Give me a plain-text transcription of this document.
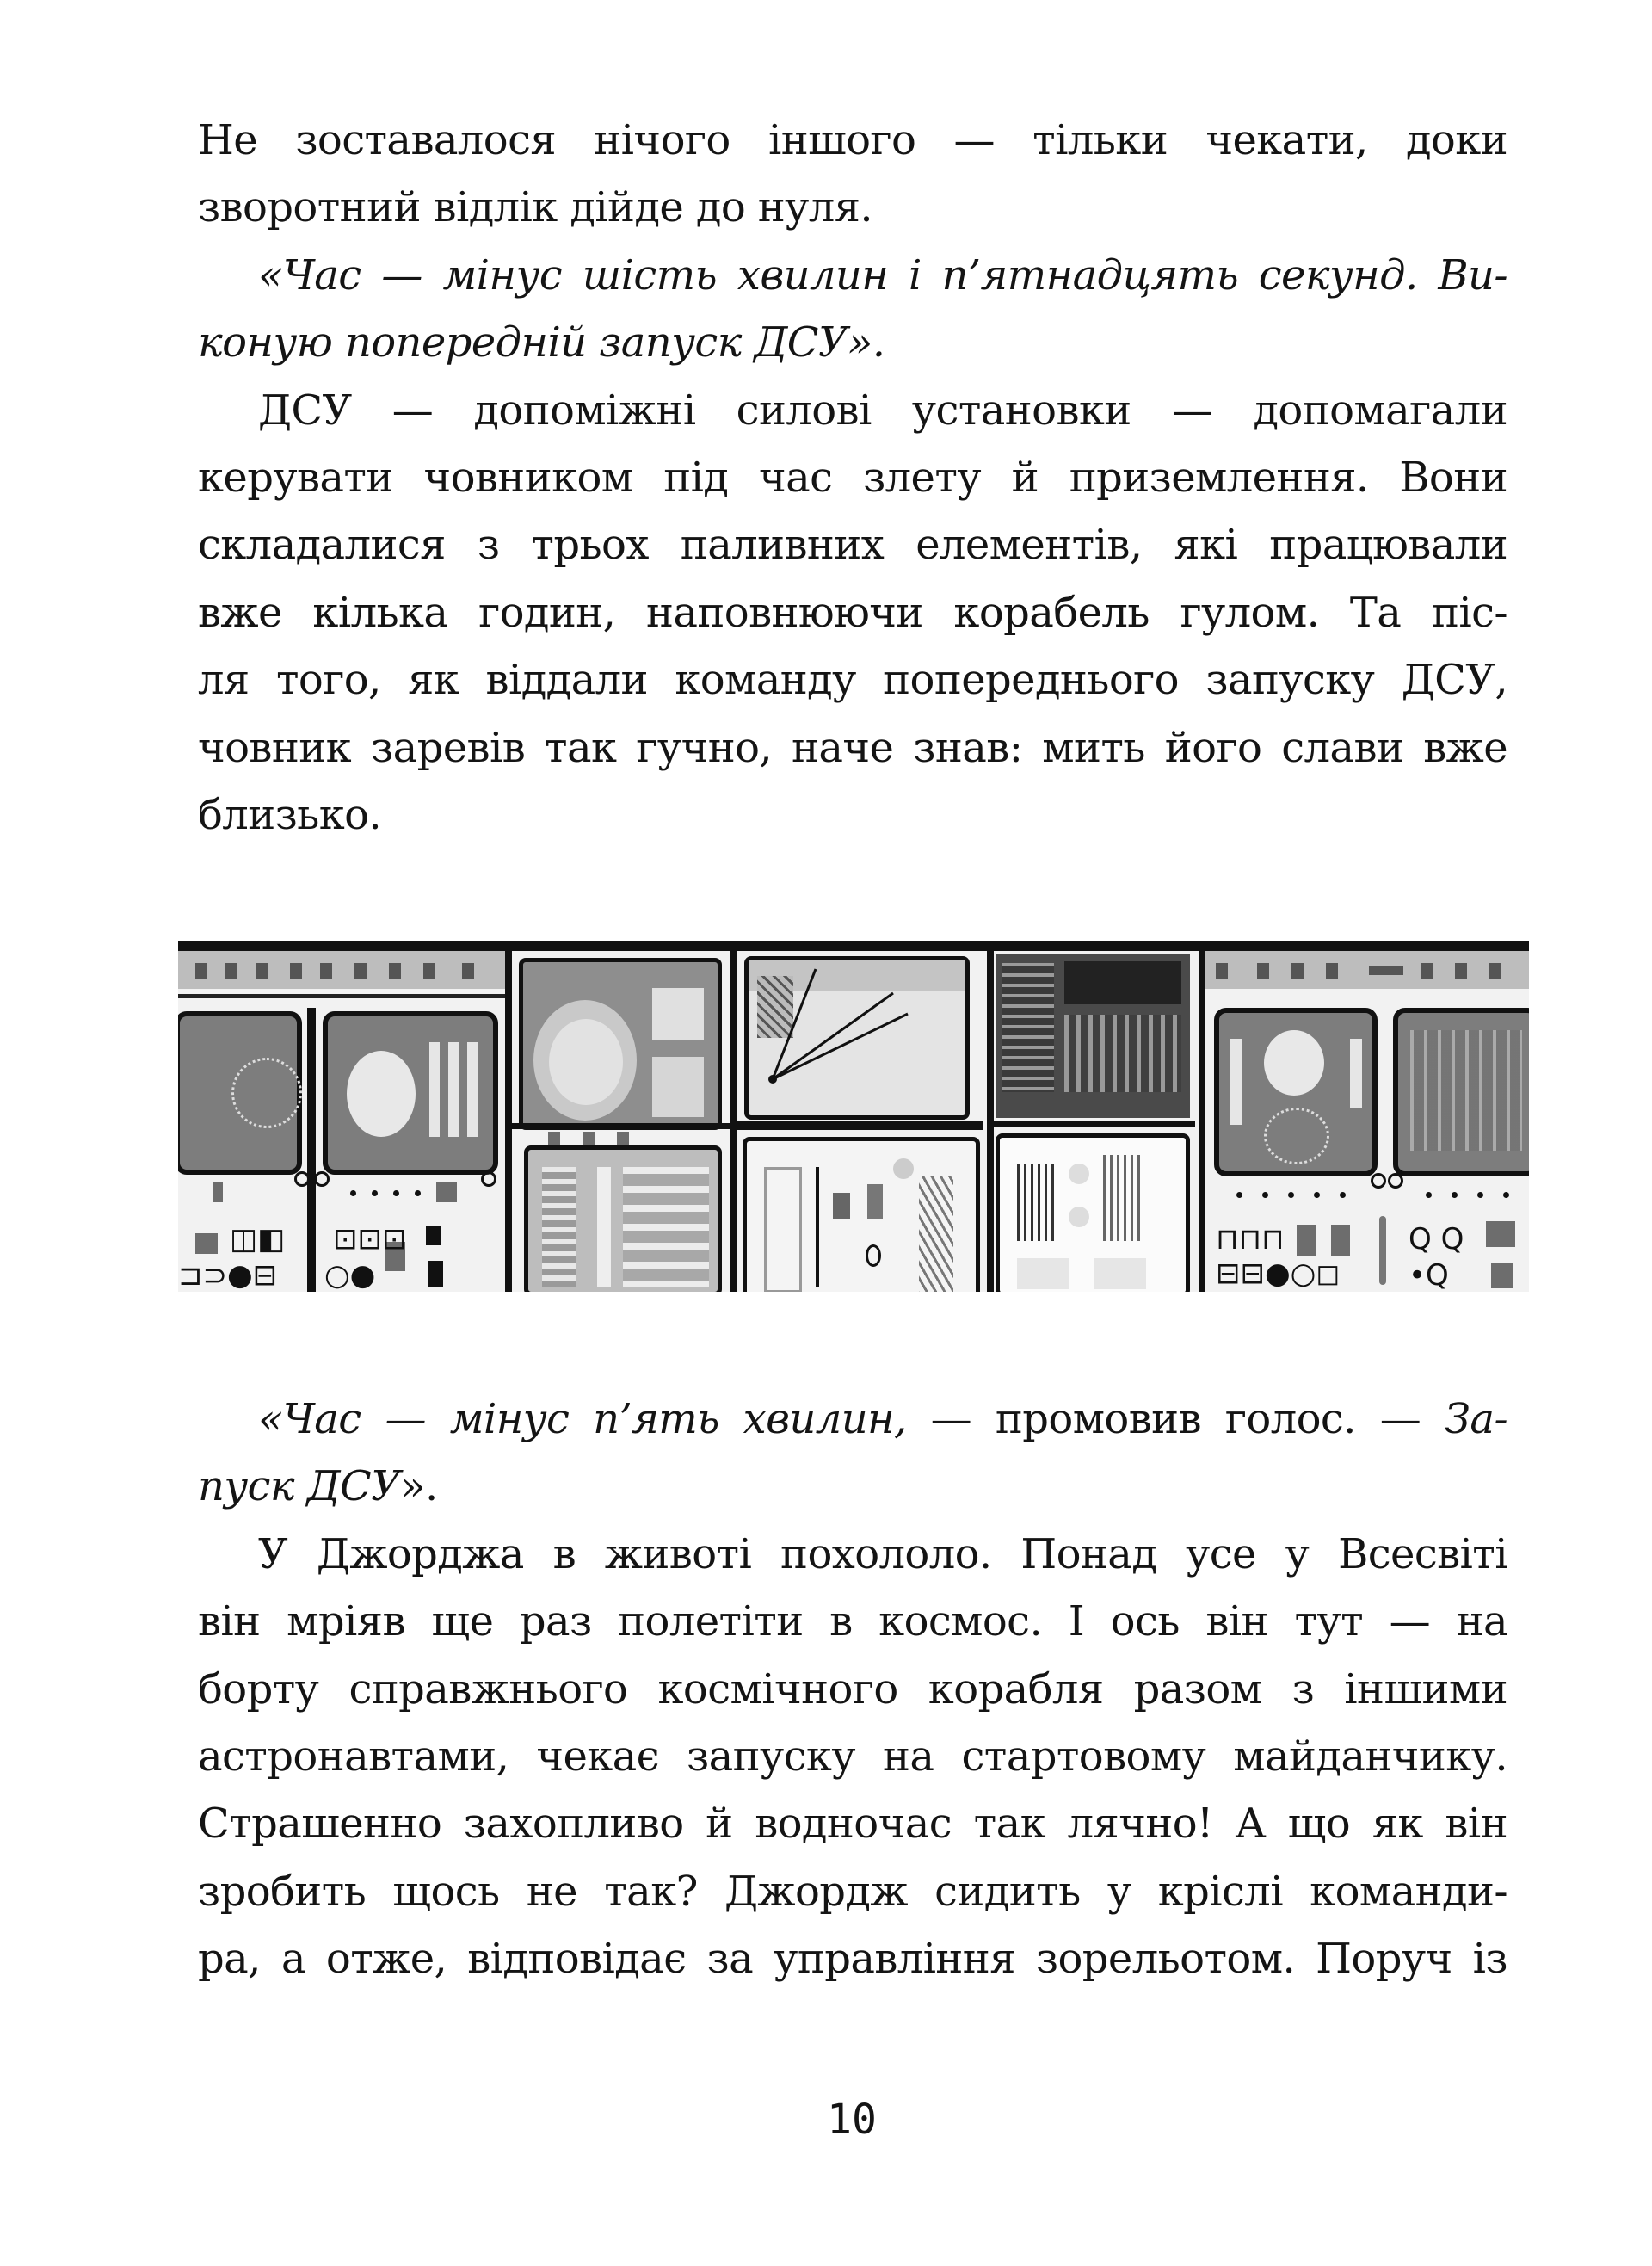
Не зоставалося нічого іншого — тільки чекати, доки
зворотний відлік дійде до нуля.
«Час — мінус шість хвилин і п’ятнадцять секунд. Ви-
коную попередній запуск ДСУ».
ДСУ — допоміжні силові установки — допомагали
керувати човником під час злету й приземлення. Вони
складалися з трьох паливних елементів, які працювали
вже кілька годин, наповнюючи корабель гулом. Та піс-
ля того, як віддали команду попереднього запуску ДСУ,
човник заревів так гучно, наче знав: мить його слави вже
близько.
◫◧ ⊡⊡⊡
⊐⊃●⊟ ○●
⊓⊓⊓
⊟⊟●○◻
Q Q
•Q
«Час — мінус п’ять хвилин, — промовив голос. — За-
пуск ДСУ».
У Джорджа в животі похололо. Понад усе у Всесвіті
він мріяв ще раз полетіти в космос. І ось він тут — на
борту справжнього космічного корабля разом з іншими
астронавтами, чекає запуску на стартовому майданчику.
Страшенно захопливо й водночас так лячно! А що як він
зробить щось не так? Джордж сидить у кріслі команди-
ра, а отже, відповідає за управління зорельотом. Поруч із
10
